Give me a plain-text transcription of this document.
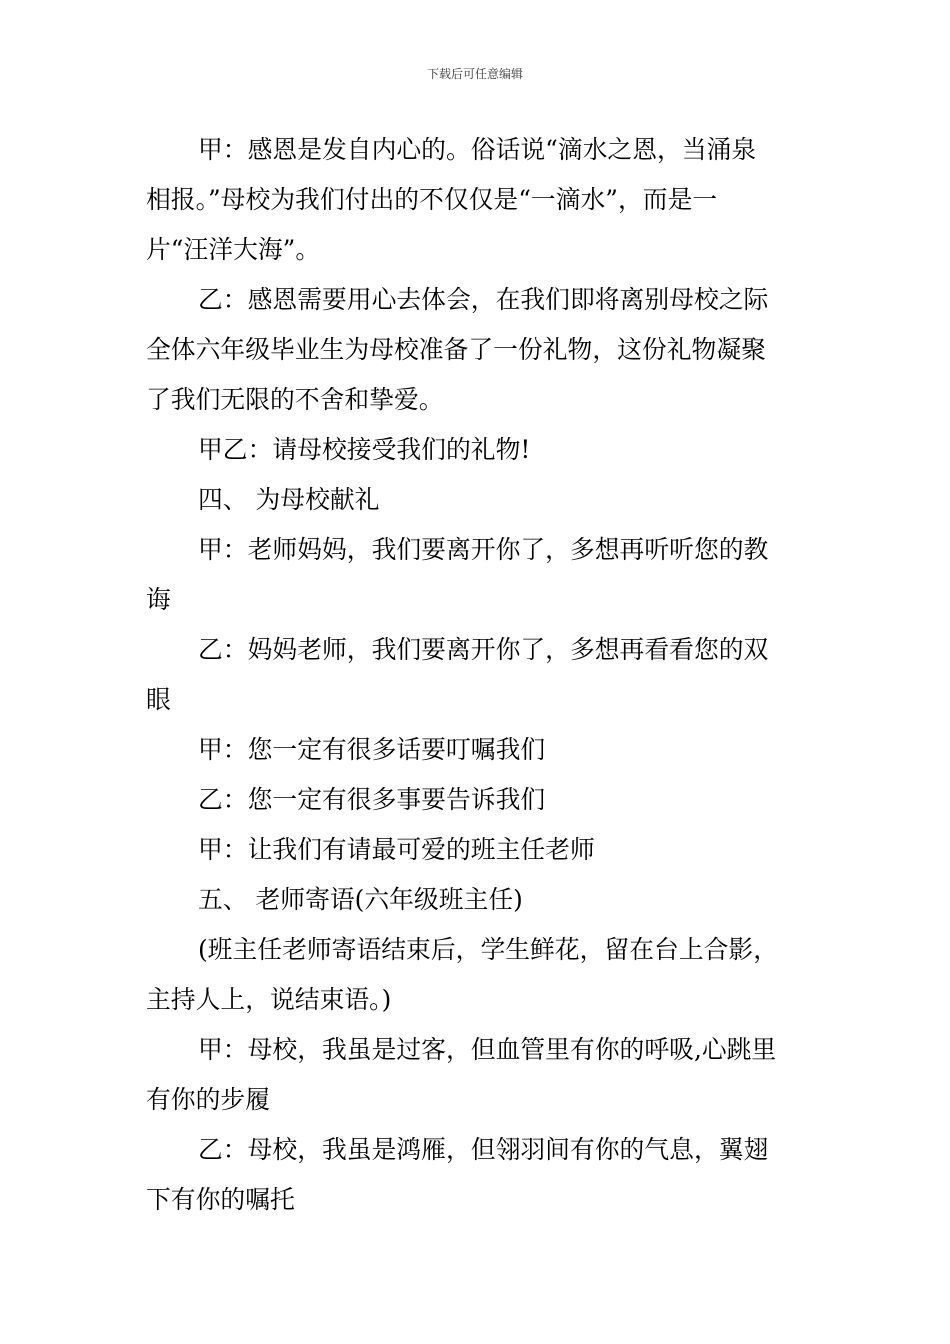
下载后可任意编辑

甲：感恩是发自内心的。俗话说“滴水之恩，当涌泉
相报。”母校为我们付出的不仅仅是“一滴水”，而是一
片“汪洋大海”。

乙：感恩需要用心去体会，在我们即将离别母校之际
全体六年级毕业生为母校准备了一份礼物，这份礼物凝聚
了我们无限的不舍和挚爱。

甲乙：请母校接受我们的礼物!

四、 为母校献礼

甲：老师妈妈，我们要离开你了，多想再听听您的教
诲

乙：妈妈老师，我们要离开你了，多想再看看您的双
眼

甲：您一定有很多话要叮嘱我们

乙：您一定有很多事要告诉我们

甲：让我们有请最可爱的班主任老师

五、 老师寄语(六年级班主任)

(班主任老师寄语结束后，学生鲜花，留在台上合影，
主持人上，说结束语。)

甲：母校，我虽是过客，但血管里有你的呼吸,心跳里
有你的步履

乙：母校，我虽是鸿雁，但翎羽间有你的气息，翼翅
下有你的嘱托
